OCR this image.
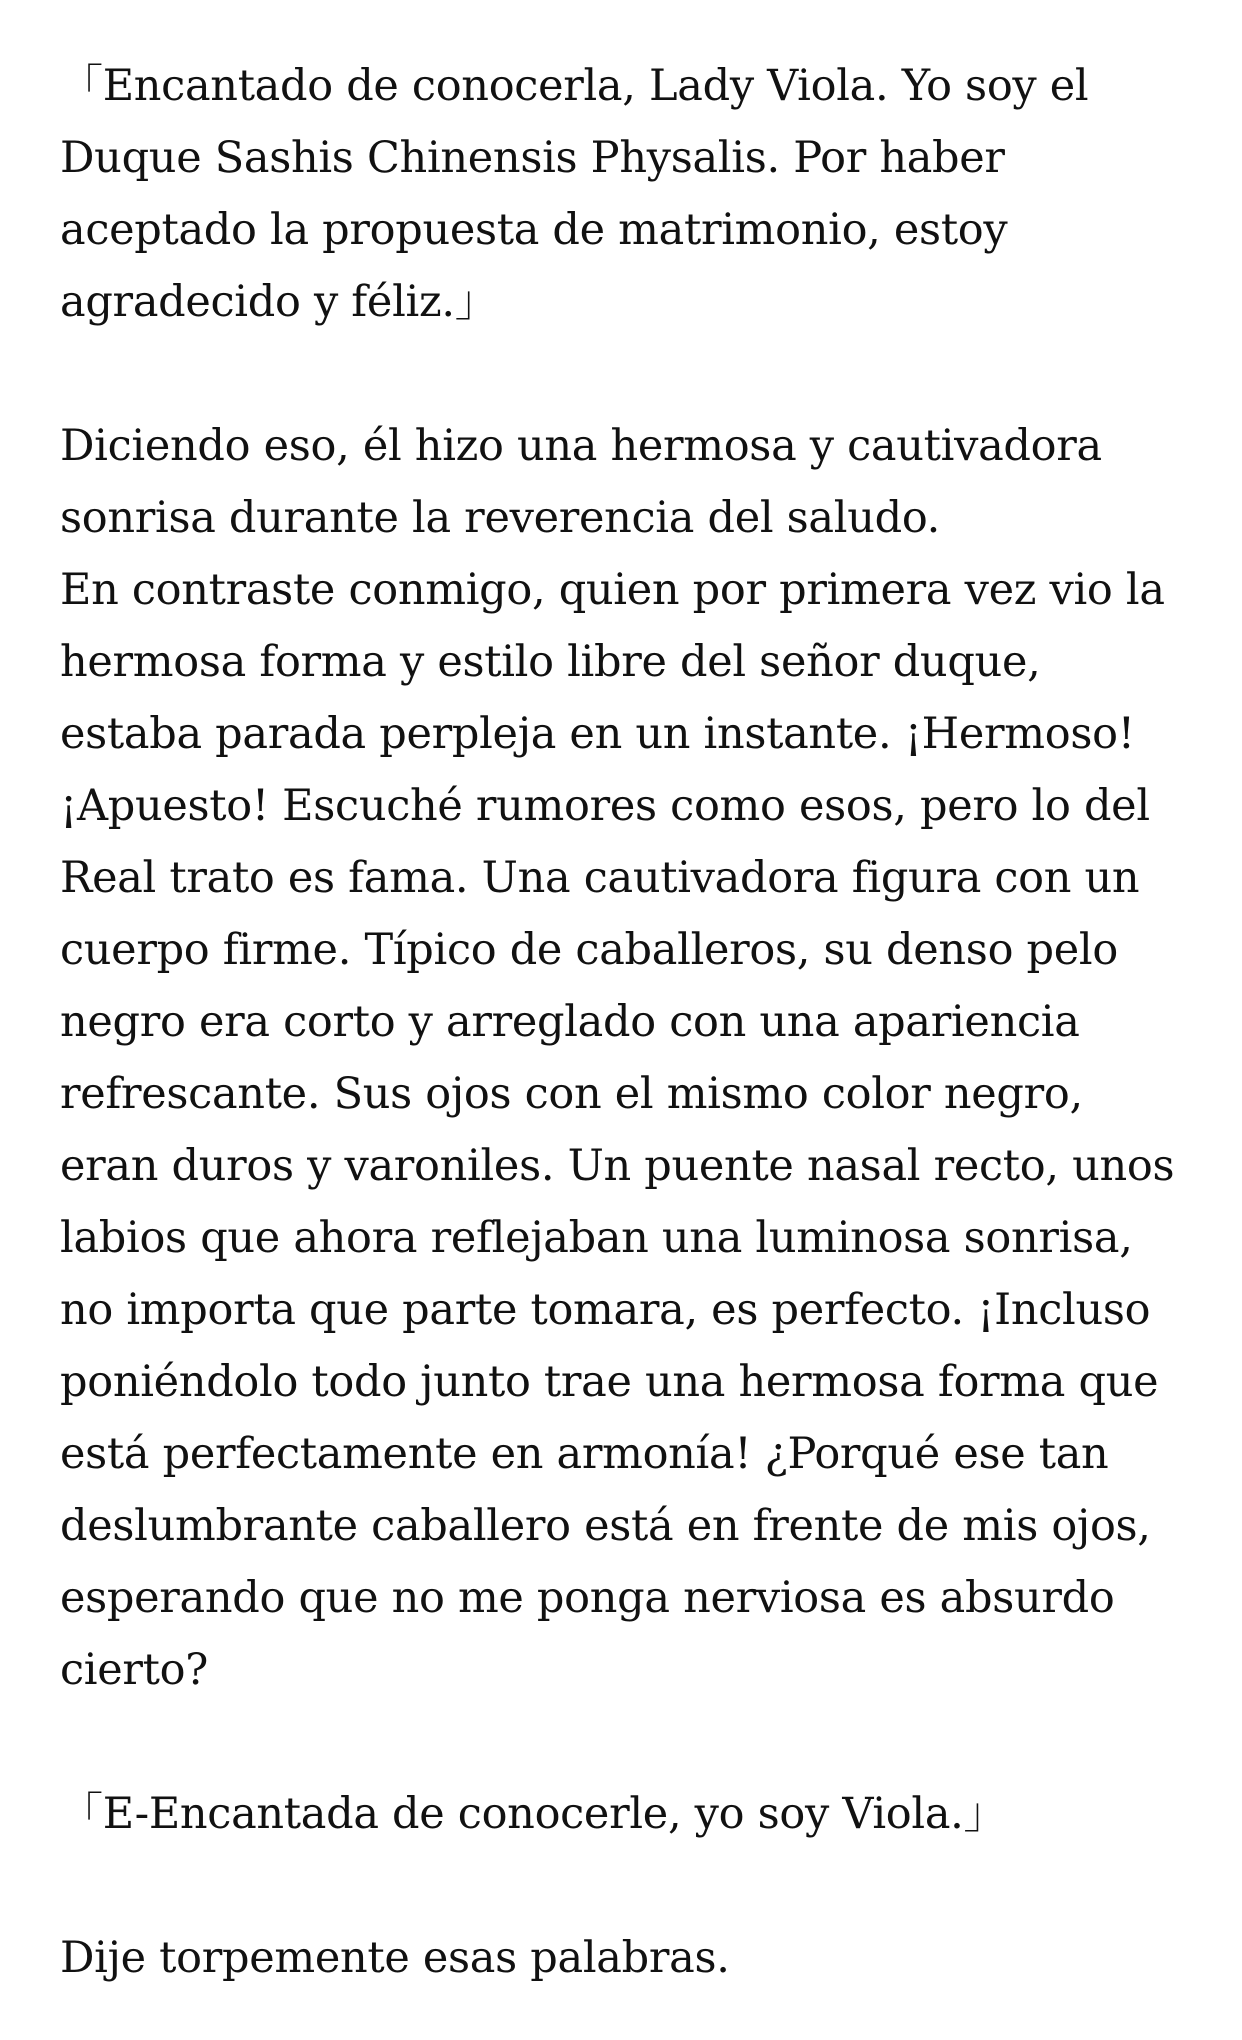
「Encantado de conocerla, Lady Viola. Yo soy el Duque Sashis Chinensis Physalis. Por haber aceptado la propuesta de matrimonio, estoy agradecido y féliz.」

Diciendo eso, él hizo una hermosa y cautivadora sonrisa durante la reverencia del saludo.
En contraste conmigo, quien por primera vez vio la hermosa forma y estilo libre del señor duque, estaba parada perpleja en un instante. ¡Hermoso! ¡Apuesto! Escuché rumores como esos, pero lo del Real trato es fama. Una cautivadora figura con un cuerpo firme. Típico de caballeros, su denso pelo negro era corto y arreglado con una apariencia refrescante. Sus ojos con el mismo color negro, eran duros y varoniles. Un puente nasal recto, unos labios que ahora reflejaban una luminosa sonrisa, no importa que parte tomara, es perfecto. ¡Incluso poniéndolo todo junto trae una hermosa forma que está perfectamente en armonía! ¿Porqué ese tan deslumbrante caballero está en frente de mis ojos, esperando que no me ponga nerviosa es absurdo cierto?

「E-Encantada de conocerle, yo soy Viola.」

Dije torpemente esas palabras.
